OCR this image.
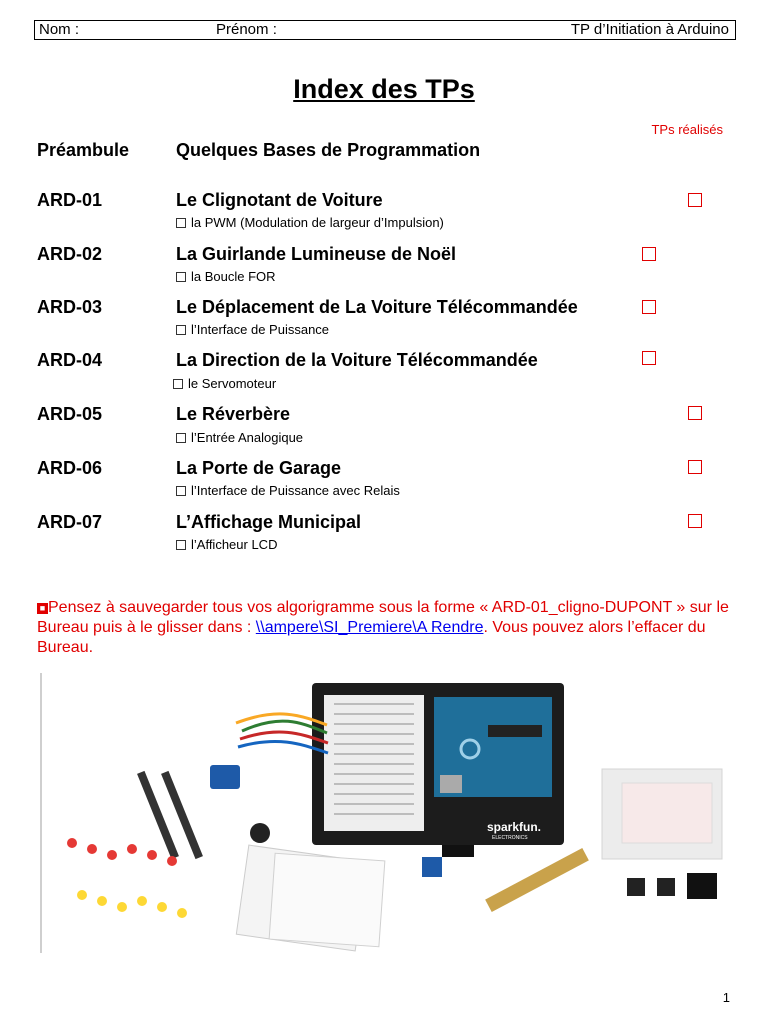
Nom :	Prénom :	TP d’Initiation à Arduino
Index des TPs
TPs réalisés
Préambule	Quelques Bases de Programmation
ARD-01	Le Clignotant de Voiture
la PWM (Modulation de largeur d’Impulsion)
ARD-02	La Guirlande Lumineuse de Noël
la Boucle FOR
ARD-03	Le Déplacement de La Voiture Télécommandée
l’Interface de Puissance
ARD-04	La Direction de la Voiture Télécommandée
le Servomoteur
ARD-05	Le Réverbère
l’Entrée Analogique
ARD-06	La Porte de Garage
l’Interface de Puissance avec Relais
ARD-07	L’Affichage Municipal
l’Afficheur LCD
■ Pensez à sauvegarder tous vos algorigramme sous la forme « ARD-01_cligno-DUPONT » sur le Bureau puis à le glisser dans : \\ampere\SI_Premiere\A Rendre. Vous pouvez alors l’effacer du Bureau.
sparkfun.
ELECTRONICS
1
